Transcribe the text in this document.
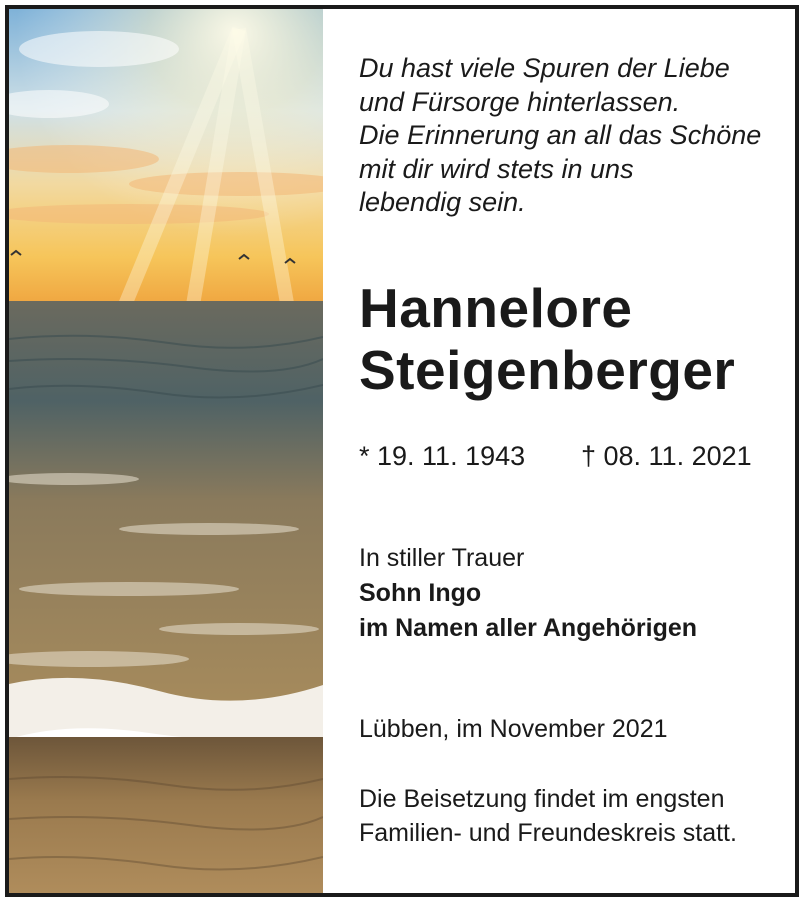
Du hast viele Spuren der Liebe
und Fürsorge hinterlassen.
Die Erinnerung an all das Schöne
mit dir wird stets in uns
lebendig sein.
Hannelore
Steigenberger
* 19. 11. 1943 † 08. 11. 2021
In stiller Trauer
Sohn Ingo
im Namen aller Angehörigen
Lübben, im November 2021
Die Beisetzung findet im engsten
Familien- und Freundeskreis statt.
